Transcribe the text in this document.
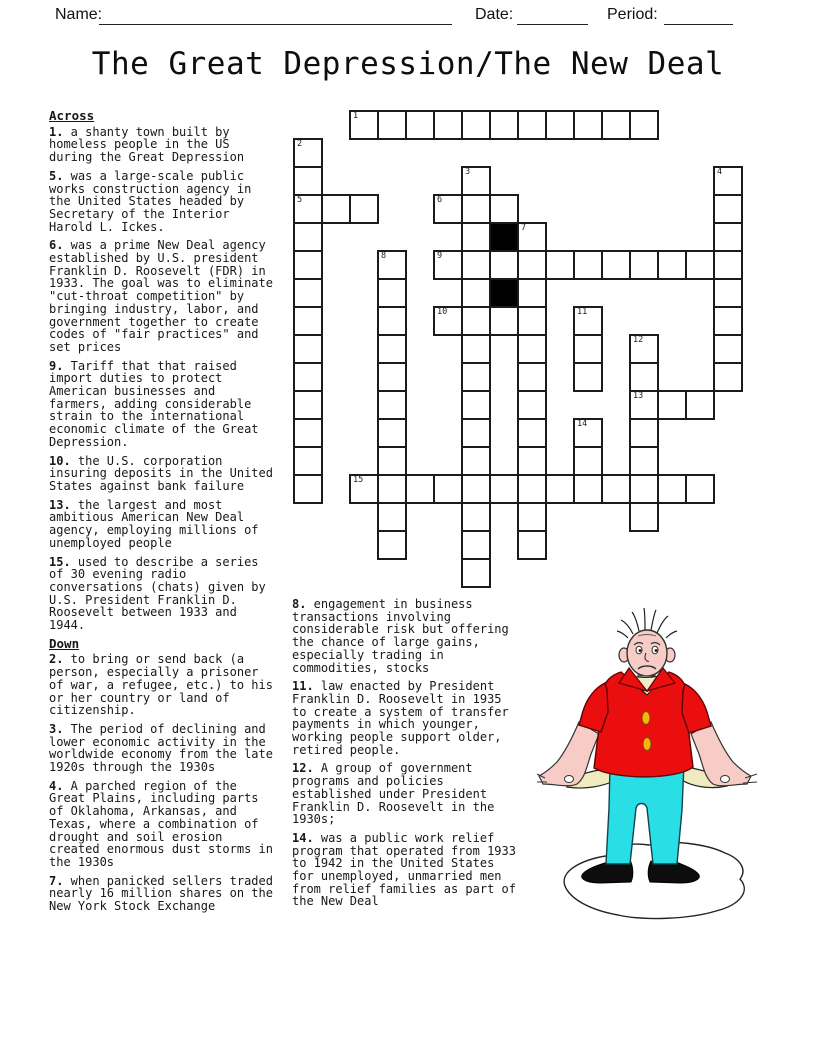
Name:	Date:	Period:
The Great Depression/The New Deal
Across
1. a shanty town built by homeless people in the US during the Great Depression
5. was a large-scale public works construction agency in the United States headed by Secretary of the Interior Harold L. Ickes.
6. was a prime New Deal agency established by U.S. president Franklin D. Roosevelt (FDR) in 1933. The goal was to eliminate "cut-throat competition" by bringing industry, labor, and government together to create codes of "fair practices" and set prices
9. Tariff that that raised import duties to protect American businesses and farmers, adding considerable strain to the international economic climate of the Great Depression.
10. the U.S. corporation insuring deposits in the United States against bank failure
13. the largest and most ambitious American New Deal agency, employing millions of unemployed people
15. used to describe a series of 30 evening radio conversations (chats) given by U.S. President Franklin D. Roosevelt between 1933 and 1944.
Down
2. to bring or send back (a person, especially a prisoner of war, a refugee, etc.) to his or her country or land of citizenship.
3. The period of declining and lower economic activity in the worldwide economy from the late 1920s through the 1930s
4. A parched region of the Great Plains, including parts of Oklahoma, Arkansas, and Texas, where a combination of drought and soil erosion created enormous dust storms in the 1930s
7. when panicked sellers traded nearly 16 million shares on the New York Stock Exchange
8. engagement in business transactions involving considerable risk but offering the chance of large gains, especially trading in commodities, stocks
11. law enacted by President Franklin D. Roosevelt in 1935 to create a system of transfer payments in which younger, working people support older, retired people.
12. A group of government programs and policies established under President Franklin D. Roosevelt in the 1930s;
14. was a public work relief program that operated from 1933 to 1942 in the United States for unemployed, unmarried men from relief families as part of the New Deal
1
2
3	4
5	6
7
8	9
10	11
12
13
14
15
